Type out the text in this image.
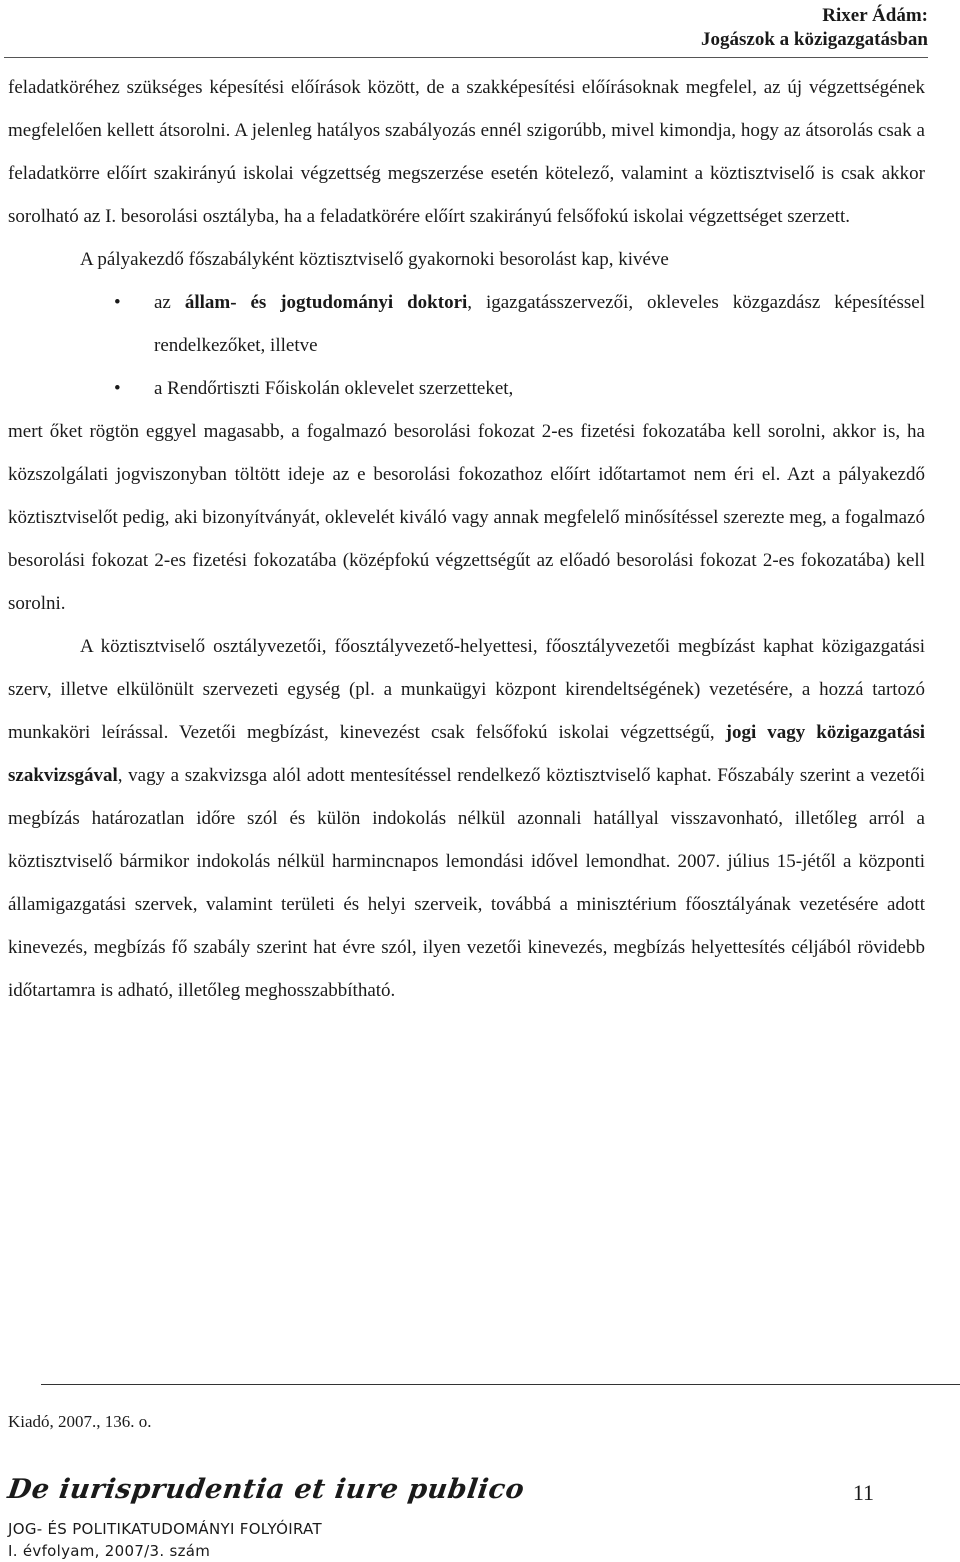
Rixer Ádám:
Jogászok a közigazgatásban

feladatköréhez szükséges képesítési előírások között, de a szakképesítési előírásoknak megfelel, az új végzettségének megfelelően kellett átsorolni. A jelenleg hatályos szabályozás ennél szigorúbb, mivel kimondja, hogy az átsorolás csak a feladatkörre előírt szakirányú iskolai végzettség megszerzése esetén kötelező, valamint a köztisztviselő is csak akkor sorolható az I. besorolási osztályba, ha a feladatkörére előírt szakirányú felsőfokú iskolai végzettséget szerzett.

A pályakezdő főszabályként köztisztviselő gyakornoki besorolást kap, kivéve

• az állam- és jogtudományi doktori, igazgatásszervezői, okleveles közgazdász képesítéssel rendelkezőket, illetve
• a Rendőrtiszti Főiskolán oklevelet szerzetteket,

mert őket rögtön eggyel magasabb, a fogalmazó besorolási fokozat 2-es fizetési fokozatába kell sorolni, akkor is, ha közszolgálati jogviszonyban töltött ideje az e besorolási fokozathoz előírt időtartamot nem éri el. Azt a pályakezdő köztisztviselőt pedig, aki bizonyítványát, oklevelét kiváló vagy annak megfelelő minősítéssel szerezte meg, a fogalmazó besorolási fokozat 2-es fizetési fokozatába (középfokú végzettségűt az előadó besorolási fokozat 2-es fokozatába) kell sorolni.

A köztisztviselő osztályvezetői, főosztályvezető-helyettesi, főosztályvezetői megbízást kaphat közigazgatási szerv, illetve elkülönült szervezeti egység (pl. a munkaügyi központ kirendeltségének) vezetésére, a hozzá tartozó munkaköri leírással. Vezetői megbízást, kinevezést csak felsőfokú iskolai végzettségű, jogi vagy közigazgatási szakvizsgával, vagy a szakvizsga alól adott mentesítéssel rendelkező köztisztviselő kaphat. Főszabály szerint a vezetői megbízás határozatlan időre szól és külön indokolás nélkül azonnali hatállyal visszavonható, illetőleg arról a köztisztviselő bármikor indokolás nélkül harmincnapos lemondási idővel lemondhat. 2007. július 15-jétől a központi államigazgatási szervek, valamint területi és helyi szerveik, továbbá a minisztérium főosztályának vezetésére adott kinevezés, megbízás fő szabály szerint hat évre szól, ilyen vezetői kinevezés, megbízás helyettesítés céljából rövidebb időtartamra is adható, illetőleg meghosszabbítható.

Kiadó, 2007., 136. o.
De iurisprudentia et iure publico	11
JOG- ÉS POLITIKATUDOMÁNYI FOLYÓIRAT
I. évfolyam, 2007/3. szám
